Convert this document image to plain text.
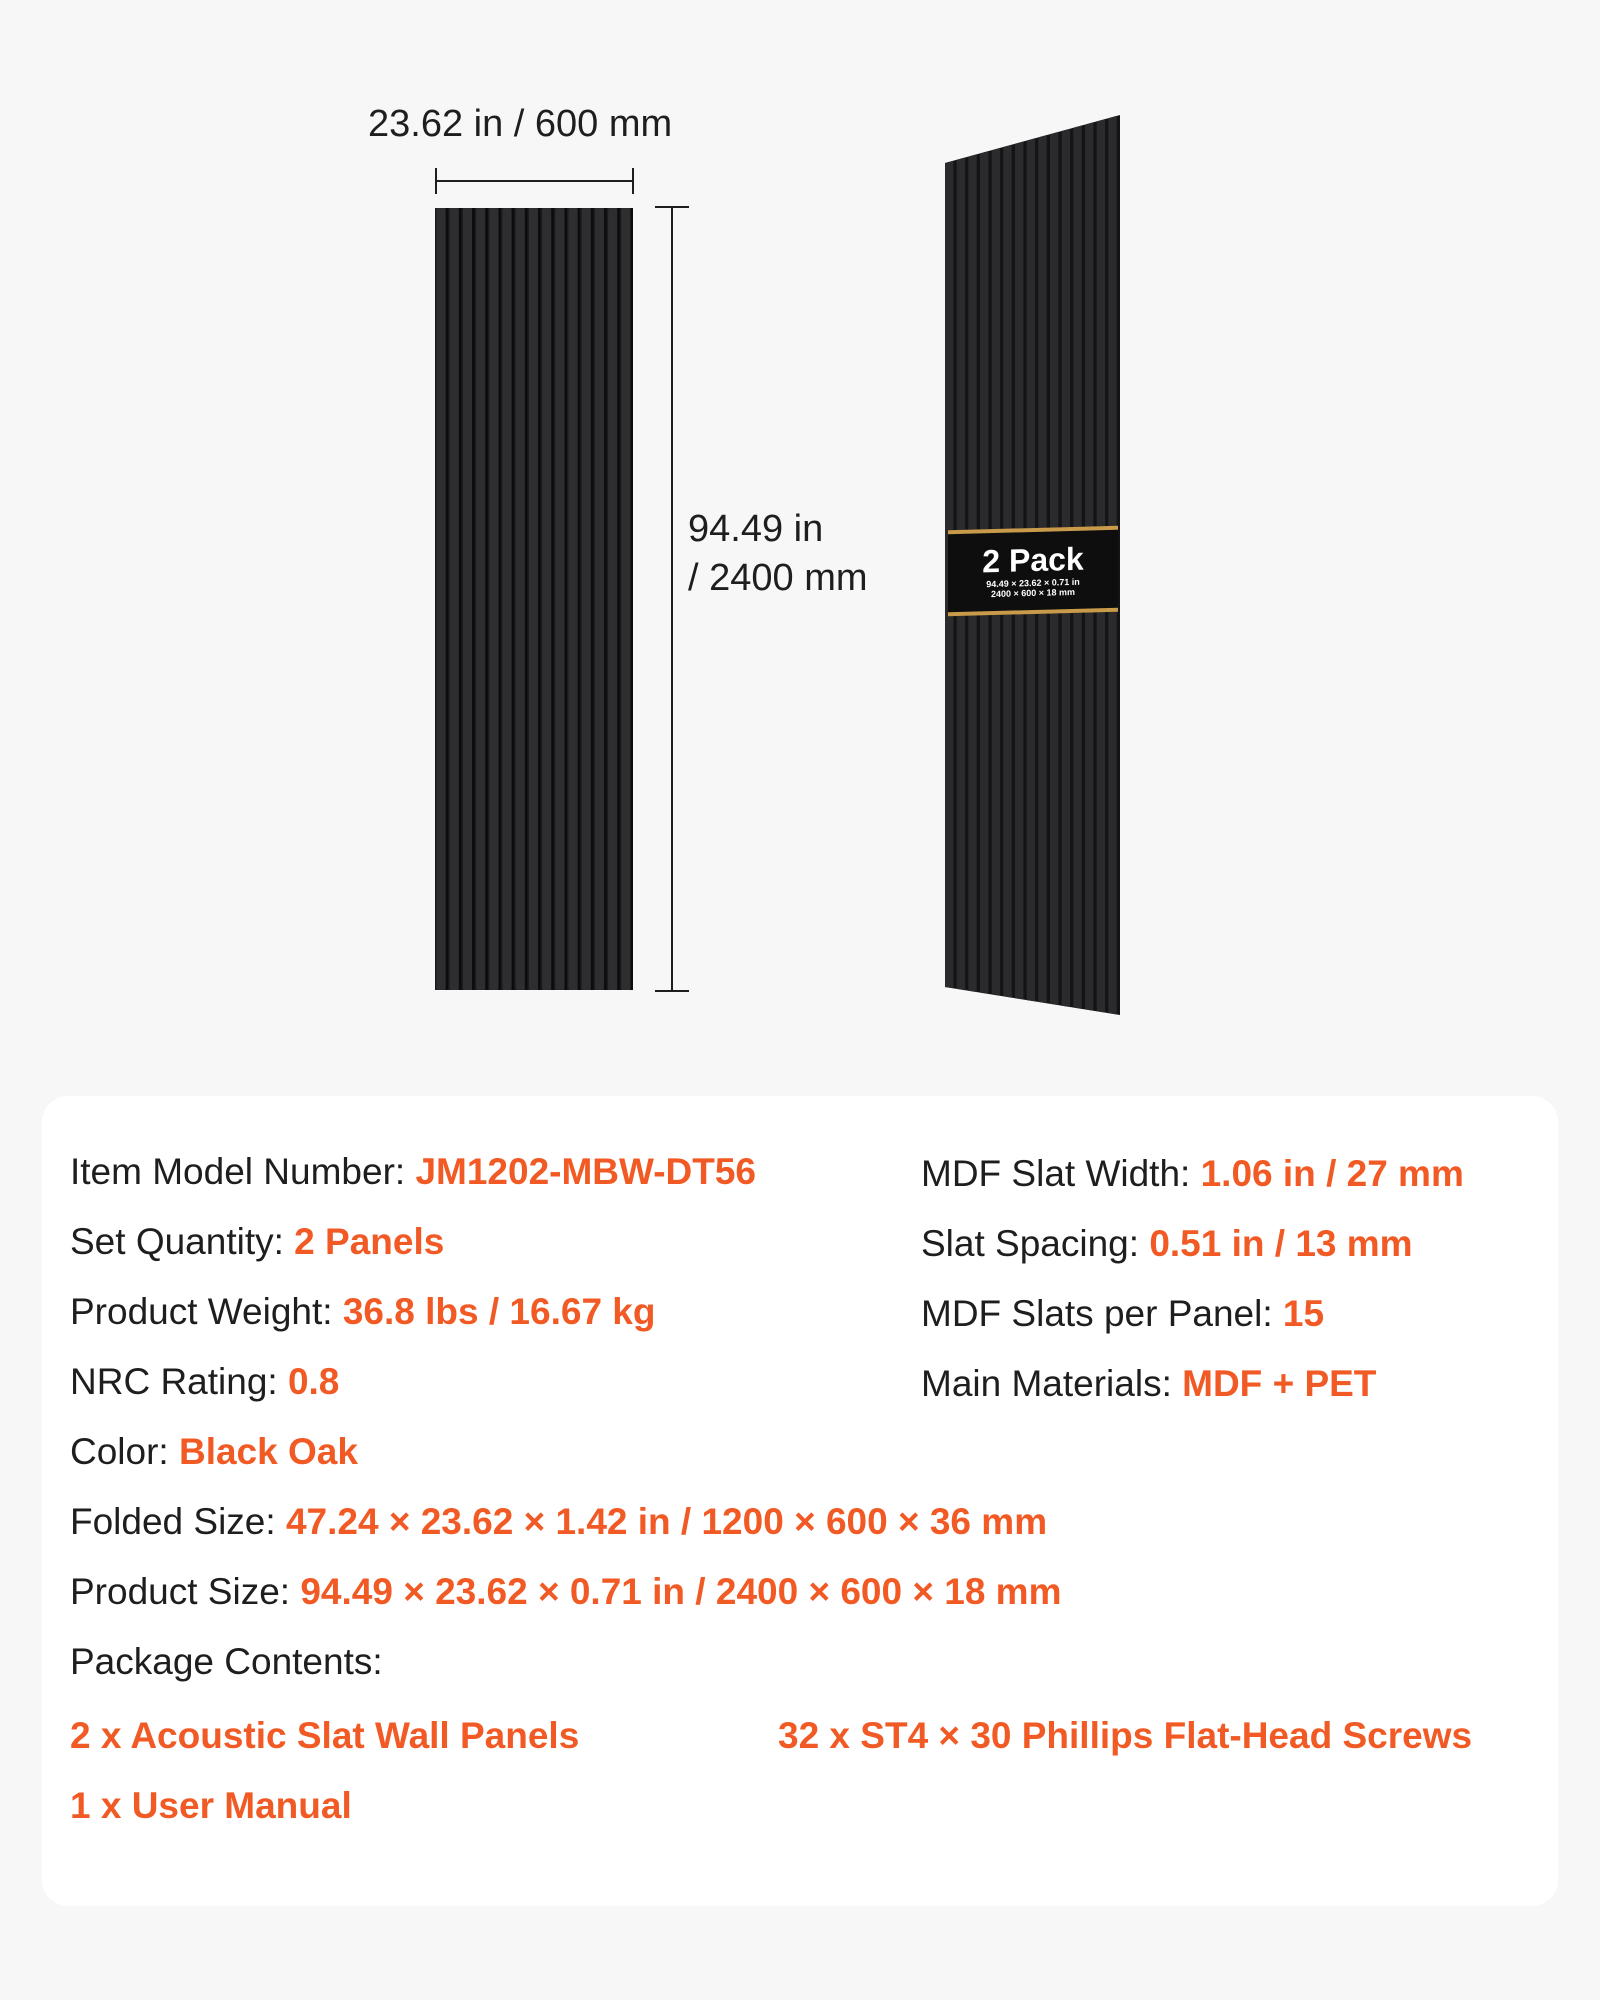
23.62 in / 600 mm
94.49 in
/ 2400 mm	2 Pack
94.49 × 23.62 × 0.71 in
2400 × 600 × 18 mm
Item Model Number: JM1202-MBW-DT56
Set Quantity: 2 Panels
Product Weight: 36.8 lbs / 16.67 kg
NRC Rating: 0.8
Color: Black Oak
MDF Slat Width: 1.06 in / 27 mm
Slat Spacing: 0.51 in / 13 mm
MDF Slats per Panel: 15
Main Materials: MDF + PET
Folded Size: 47.24 × 23.62 × 1.42 in / 1200 × 600 × 36 mm
Product Size: 94.49 × 23.62 × 0.71 in / 2400 × 600 × 18 mm
Package Contents:
2 x Acoustic Slat Wall Panels	32 x ST4 × 30 Phillips Flat-Head Screws
1 x User Manual
